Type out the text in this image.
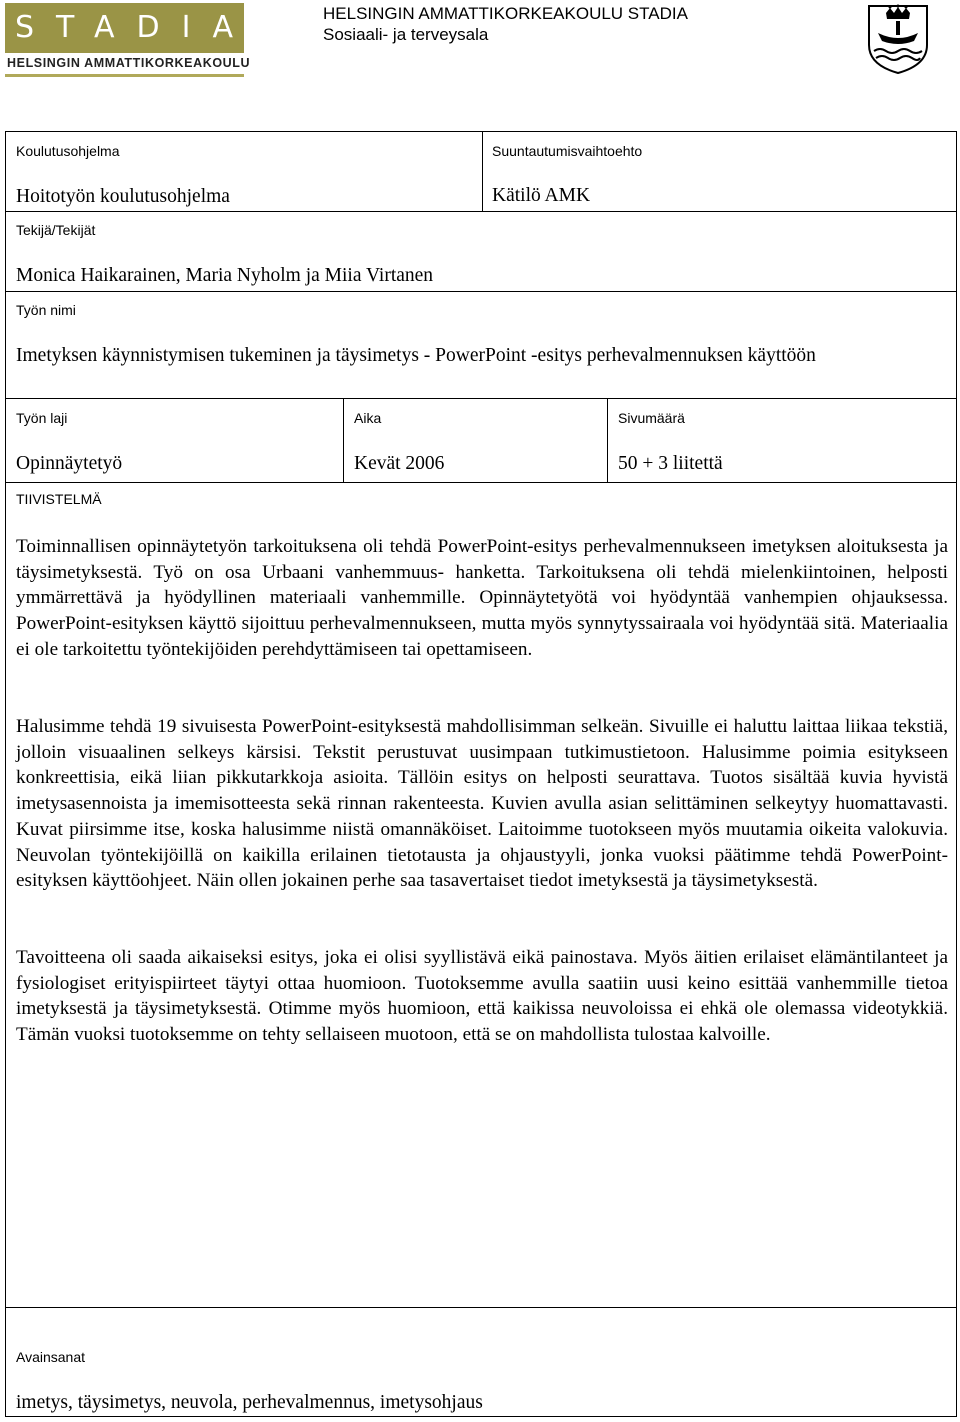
STADIA
HELSINGIN AMMATTIKORKEAKOULU
HELSINGIN AMMATTIKORKEAKOULU STADIA
Sosiaali- ja terveysala
Koulutusohjelma
Hoitotyön koulutusohjelma
Suuntautumisvaihtoehto
Kätilö AMK
Tekijä/Tekijät
Monica Haikarainen, Maria Nyholm ja Miia Virtanen
Työn nimi
Imetyksen käynnistymisen tukeminen ja täysimetys - PowerPoint -esitys perhevalmennuksen käyttöön
Työn laji
Opinnäytetyö
Aika
Kevät 2006
Sivumäärä
50 + 3 liitettä
TIIVISTELMÄ

Toiminnallisen opinnäytetyön tarkoituksena oli tehdä PowerPoint-esitys perhevalmennukseen imetyksen aloituksesta ja täysimetyksestä. Työ on osa Urbaani vanhemmuus- hanketta. Tarkoituksena oli tehdä mielenkiintoinen, helposti ymmärrettävä ja hyödyllinen materiaali vanhemmille. Opinnäytetyötä voi hyödyntää vanhempien ohjauksessa. PowerPoint-esityksen käyttö sijoittuu perhevalmennukseen, mutta myös synnytyssairaala voi hyödyntää sitä. Materiaalia ei ole tarkoitettu työntekijöiden perehdyttämiseen tai opettamiseen.

Halusimme tehdä 19 sivuisesta PowerPoint-esityksestä mahdollisimman selkeän. Sivuille ei haluttu laittaa liikaa tekstiä, jolloin visuaalinen selkeys kärsisi. Tekstit perustuvat uusimpaan tutkimustietoon. Halusimme poimia esitykseen konkreettisia, eikä liian pikkutarkkoja asioita. Tällöin esitys on helposti seurattava. Tuotos sisältää kuvia hyvistä imetysasennoista ja imemisotteesta sekä rinnan rakenteesta. Kuvien avulla asian selittäminen selkeytyy huomattavasti. Kuvat piirsimme itse, koska halusimme niistä omannäköiset. Laitoimme tuotokseen myös muutamia oikeita valokuvia. Neuvolan työntekijöillä on kaikilla erilainen tietotausta ja ohjaustyyli, jonka vuoksi päätimme tehdä PowerPoint-esityksen käyttöohjeet. Näin ollen jokainen perhe saa tasavertaiset tiedot imetyksestä ja täysimetyksestä.

Tavoitteena oli saada aikaiseksi esitys, joka ei olisi syyllistävä eikä painostava. Myös äitien erilaiset elämäntilanteet ja fysiologiset erityispiirteet täytyi ottaa huomioon. Tuotoksemme avulla saatiin uusi keino esittää vanhemmille tietoa imetyksestä ja täysimetyksestä. Otimme myös huomioon, että kaikissa neuvoloissa ei ehkä ole olemassa videotykkiä. Tämän vuoksi tuotoksemme on tehty sellaiseen muotoon, että se on mahdollista tulostaa kalvoille.

Avainsanat
imetys, täysimetys, neuvola, perhevalmennus, imetysohjaus
